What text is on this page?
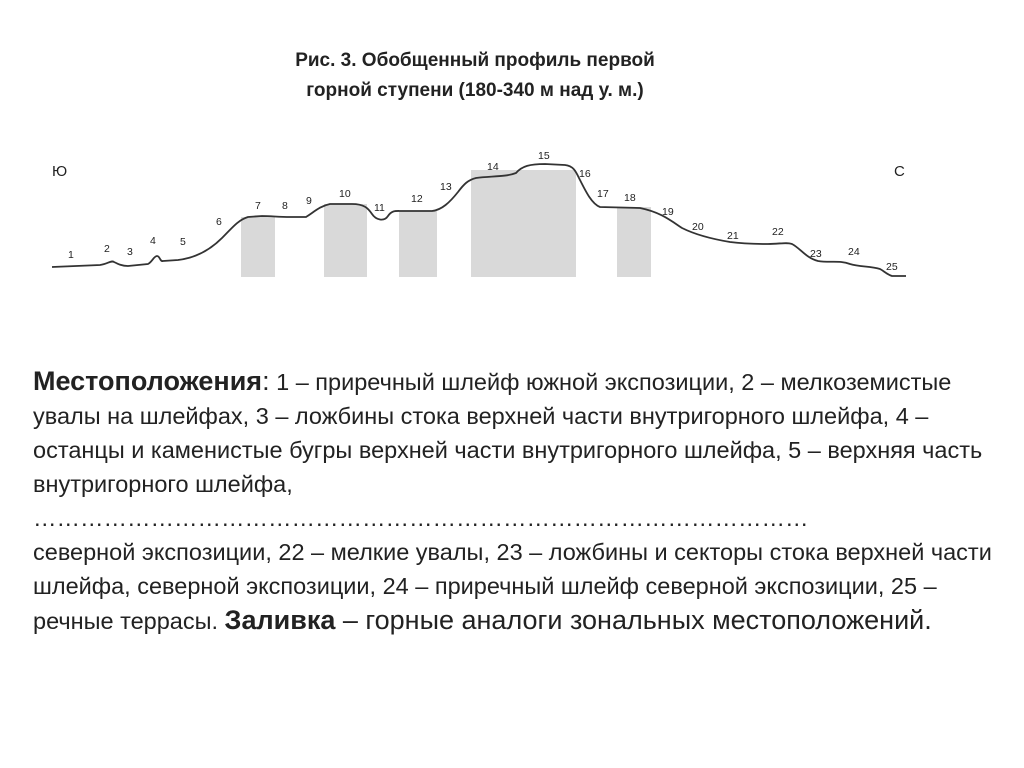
Рис. 3. Обобщенный профиль первой
горной ступени (180-340 м над у. м.)
Ю	С
1	2 3
4 5
6
7 8 9
10
11
12
13
14
15
16
17 18
19
20
21	22
23	24
25
Местоположения: 1 – приречный шлейф южной экспозиции, 2 – мелкоземистые увалы на шлейфах, 3 – ложбины стока верхней части внутригорного шлейфа, 4 – останцы и каменистые бугры верхней части внутригорного шлейфа, 5 – верхняя часть внутригорного шлейфа,
………………………………………………………………………………………
северной экспозиции, 22 – мелкие увалы, 23 – ложбины и секторы стока верхней части шлейфа, северной экспозиции, 24 – приречный шлейф северной экспозиции, 25 – речные террасы. Заливка – горные аналоги зональных местоположений.
